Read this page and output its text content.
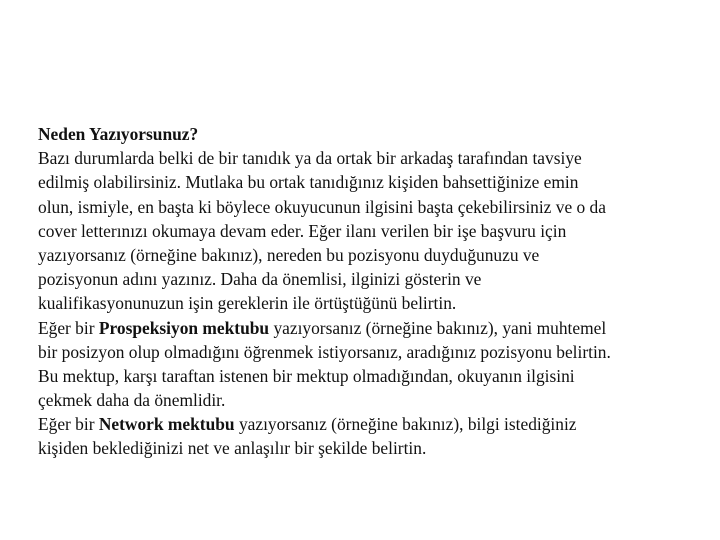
Neden Yazıyorsunuz?
Bazı durumlarda belki de bir tanıdık ya da ortak bir arkadaş tarafından tavsiye
edilmiş olabilirsiniz. Mutlaka bu ortak tanıdığınız kişiden bahsettiğinize emin
olun, ismiyle, en başta ki böylece okuyucunun ilgisini başta çekebilirsiniz ve o da
cover letterınızı okumaya devam eder. Eğer ilanı verilen bir işe başvuru için
yazıyorsanız (örneğine bakınız), nereden bu pozisyonu duyduğunuzu ve
pozisyonun adını yazınız. Daha da önemlisi, ilginizi gösterin ve
kualifikasyonunuzun işin gereklerin ile örtüştüğünü belirtin.
Eğer bir Prospeksiyon mektubu yazıyorsanız (örneğine bakınız), yani muhtemel
bir posizyon olup olmadığını öğrenmek istiyorsanız, aradığınız pozisyonu belirtin.
Bu mektup, karşı taraftan istenen bir mektup olmadığından, okuyanın ilgisini
çekmek daha da önemlidir.
Eğer bir Network mektubu yazıyorsanız (örneğine bakınız), bilgi istediğiniz
kişiden beklediğinizi net ve anlaşılır bir şekilde belirtin.
